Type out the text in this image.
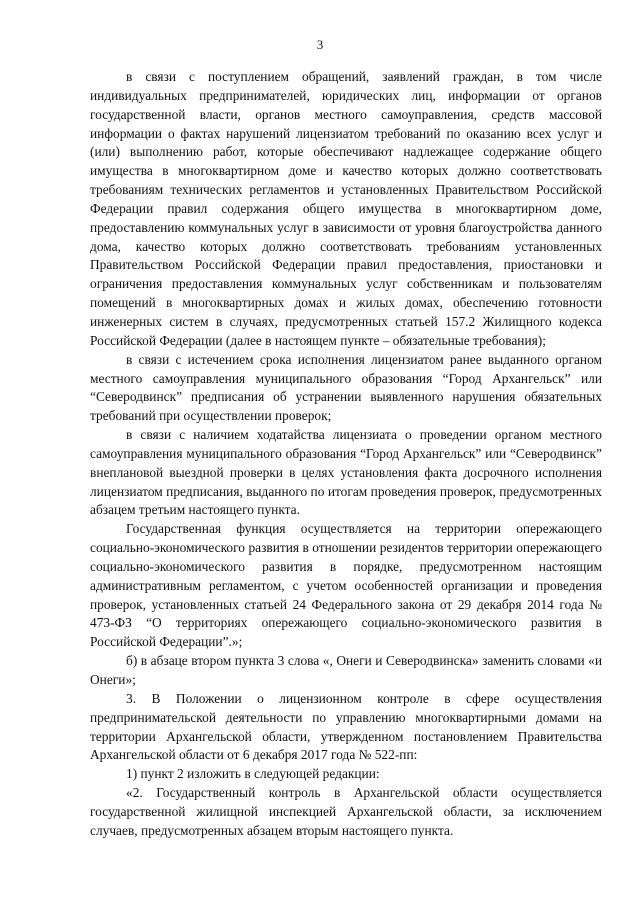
3

в связи с поступлением обращений, заявлений граждан, в том числе индивидуальных предпринимателей, юридических лиц, информации от органов государственной власти, органов местного самоуправления, средств массовой информации о фактах нарушений лицензиатом требований по оказанию всех услуг и (или) выполнению работ, которые обеспечивают надлежащее содержание общего имущества в многоквартирном доме и качество которых должно соответствовать требованиям технических регламентов и установленных Правительством Российской Федерации правил содержания общего имущества в многоквартирном доме, предоставлению коммунальных услуг в зависимости от уровня благоустройства данного дома, качество которых должно соответствовать требованиям установленных Правительством Российской Федерации правил предоставления, приостановки и ограничения предоставления коммунальных услуг собственникам и пользователям помещений в многоквартирных домах и жилых домах, обеспечению готовности инженерных систем в случаях, предусмотренных статьей 157.2 Жилищного кодекса Российской Федерации (далее в настоящем пункте – обязательные требования);

в связи с истечением срока исполнения лицензиатом ранее выданного органом местного самоуправления муниципального образования “Город Архангельск” или “Северодвинск” предписания об устранении выявленного нарушения обязательных требований при осуществлении проверок;

в связи с наличием ходатайства лицензиата о проведении органом местного самоуправления муниципального образования “Город Архангельск” или “Северодвинск” внеплановой выездной проверки в целях установления факта досрочного исполнения лицензиатом предписания, выданного по итогам проведения проверок, предусмотренных абзацем третьим настоящего пункта.

Государственная функция осуществляется на территории опережающего социально-экономического развития в отношении резидентов территории опережающего социально-экономического развития в порядке, предусмотренном настоящим административным регламентом, с учетом особенностей организации и проведения проверок, установленных статьей 24 Федерального закона от 29 декабря 2014 года № 473-ФЗ “О территориях опережающего социально-экономического развития в Российской Федерации”.»;

б) в абзаце втором пункта 3 слова «, Онеги и Северодвинска» заменить словами «и Онеги»;

3. В Положении о лицензионном контроле в сфере осуществления предпринимательской деятельности по управлению многоквартирными домами на территории Архангельской области, утвержденном постановлением Правительства Архангельской области от 6 декабря 2017 года № 522-пп:

1) пункт 2 изложить в следующей редакции:

«2. Государственный контроль в Архангельской области осуществляется государственной жилищной инспекцией Архангельской области, за исключением случаев, предусмотренных абзацем вторым настоящего пункта.
